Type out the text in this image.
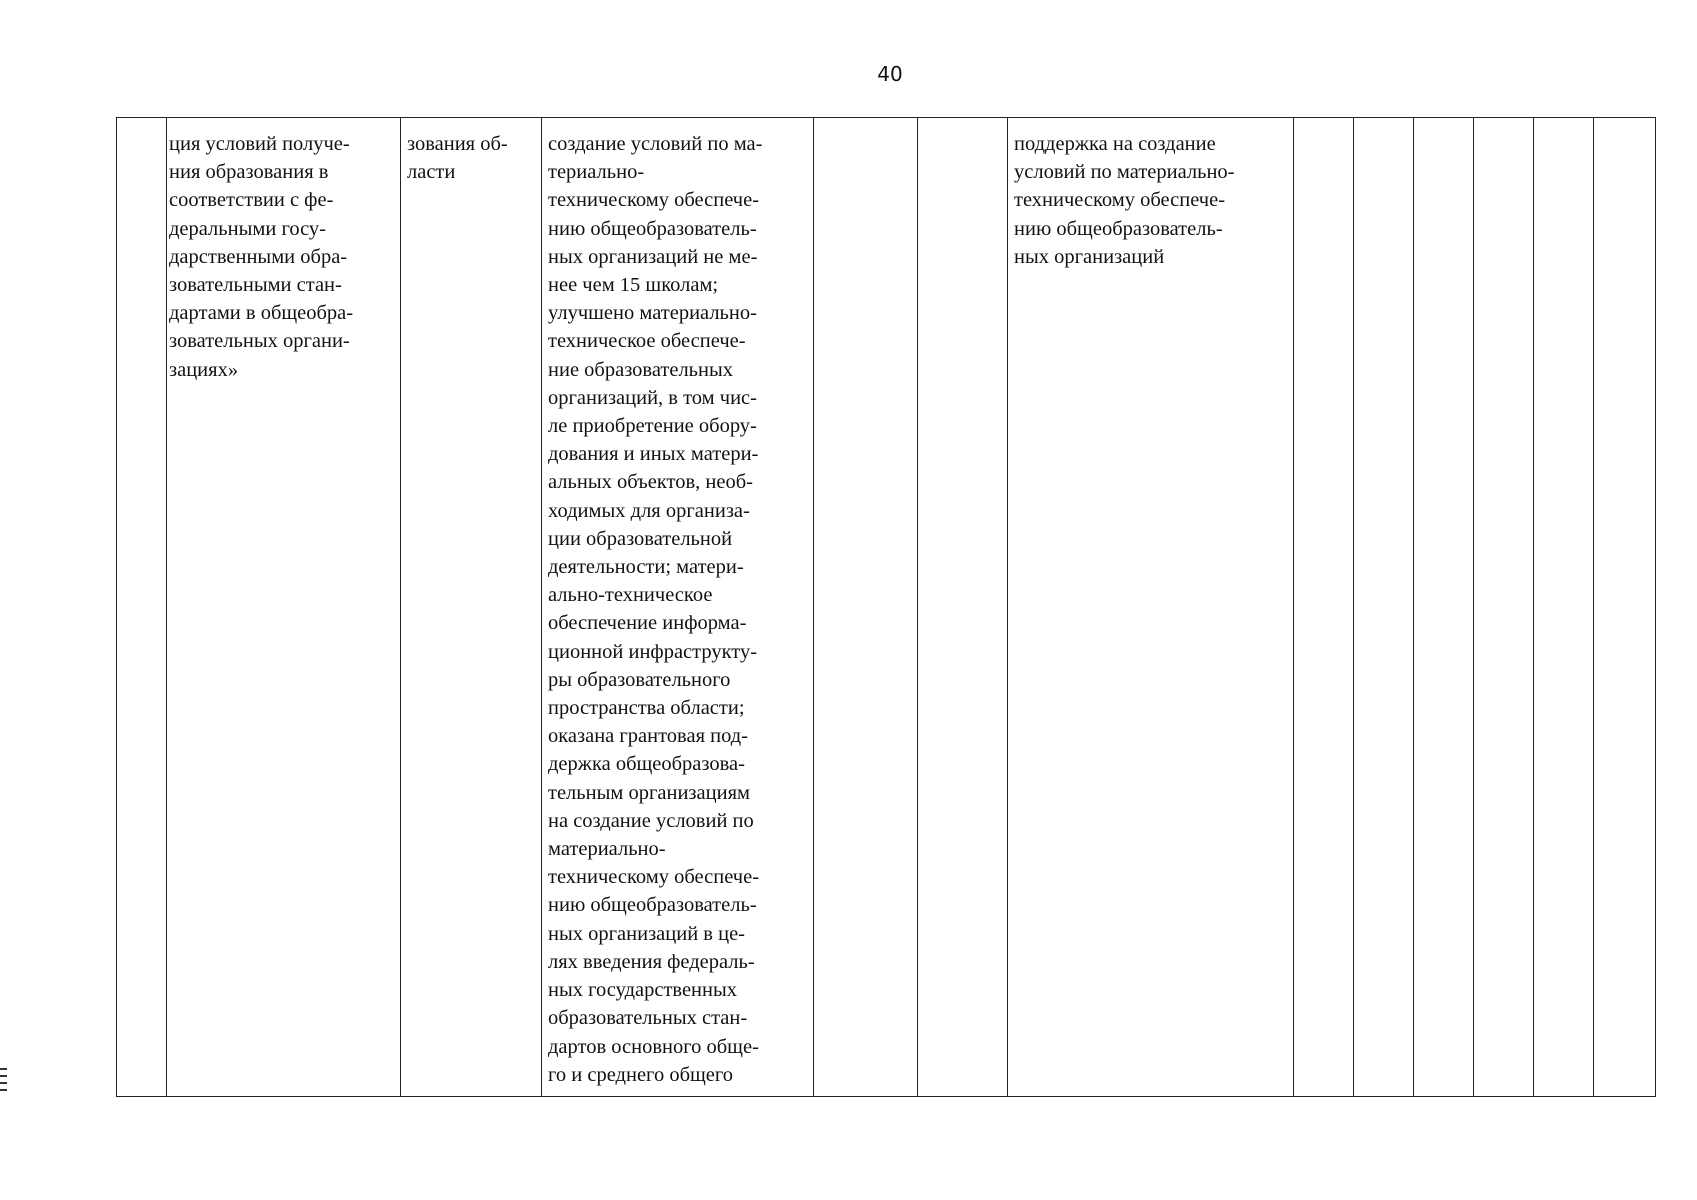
40
	ция условий получе-
ния образования в
соответствии с фе-
деральными госу-
дарственными обра-
зовательными стан-
дартами в общеобра-
зовательных органи-
зациях»	зования об-
ласти	создание условий по ма-
териально-
техническому обеспече-
нию общеобразователь-
ных организаций не ме-
нее чем 15 школам;
улучшено материально-
техническое обеспече-
ние образовательных
организаций, в том чис-
ле приобретение обору-
дования и иных матери-
альных объектов, необ-
ходимых для организа-
ции образовательной
деятельности; матери-
ально-техническое
обеспечение информа-
ционной инфраструкту-
ры образовательного
пространства области;
оказана грантовая под-
держка общеобразова-
тельным организациям
на создание условий по
материально-
техническому обеспече-
нию общеобразователь-
ных организаций в це-
лях введения федераль-
ных государственных
образовательных стан-
дартов основного обще-
го и среднего общего			поддержка на создание
условий по материально-
техническому обеспече-
нию общеобразователь-
ных организаций						
